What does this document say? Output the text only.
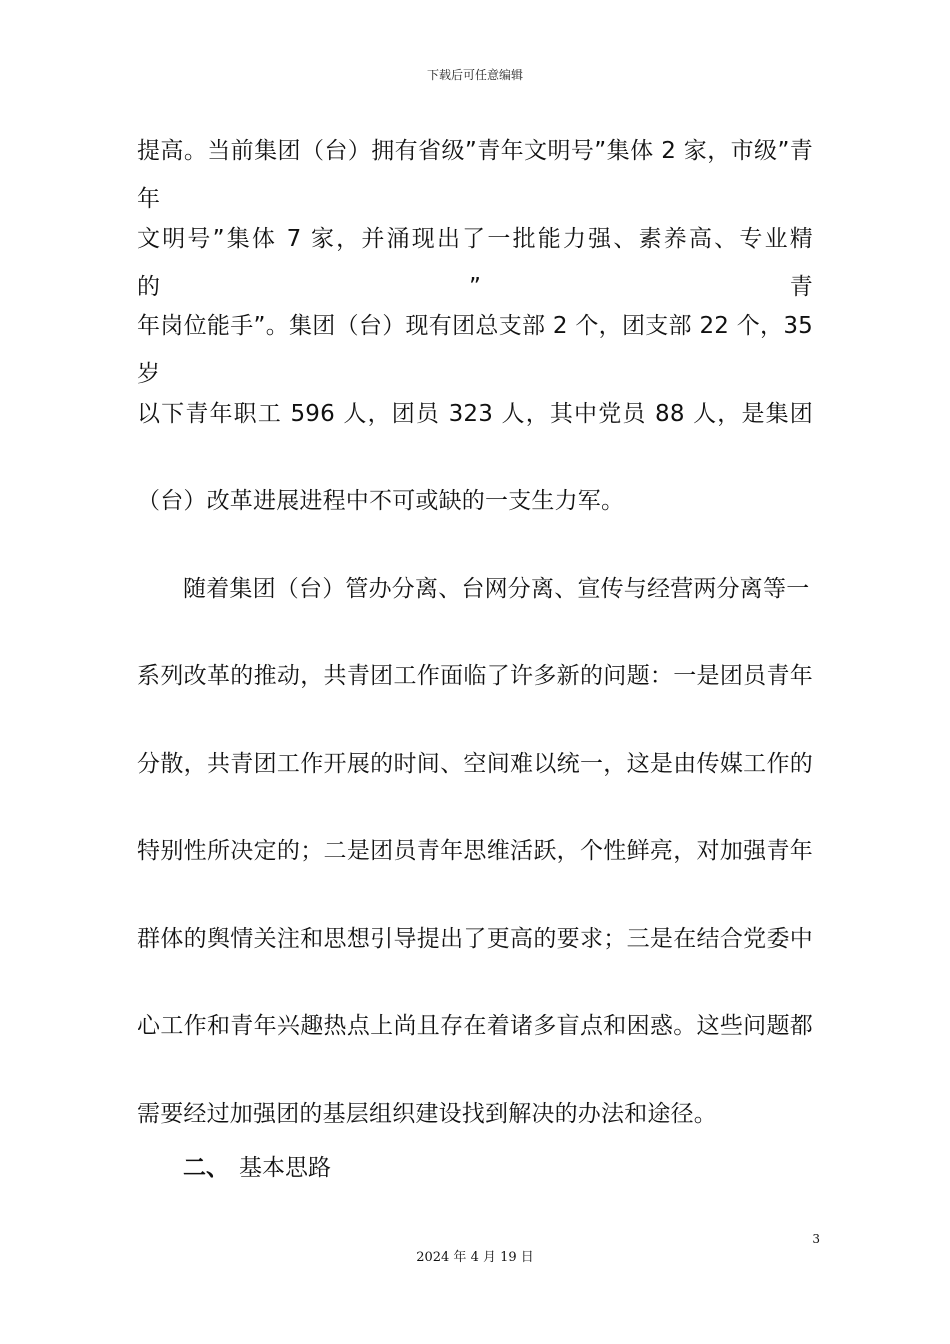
下载后可任意编辑
提高。当前集团（台）拥有省级”青年文明号”集体 2 家，市级”青年
文明号”集体 7 家，并涌现出了一批能力强、素养高、专业精的”青
年岗位能手”。集团（台）现有团总支部 2 个，团支部 22 个，35 岁
以下青年职工 596 人，团员 323 人，其中党员 88 人，是集团
（台）改革进展进程中不可或缺的一支生力军。
随着集团（台）管办分离、台网分离、宣传与经营两分离等一
系列改革的推动，共青团工作面临了许多新的问题：一是团员青年
分散，共青团工作开展的时间、空间难以统一，这是由传媒工作的
特别性所决定的；二是团员青年思维活跃，个性鲜亮，对加强青年
群体的舆情关注和思想引导提出了更高的要求；三是在结合党委中
心工作和青年兴趣热点上尚且存在着诸多盲点和困惑。这些问题都
需要经过加强团的基层组织建设找到解决的办法和途径。
二、 基本思路
3
2024 年 4 月 19 日
